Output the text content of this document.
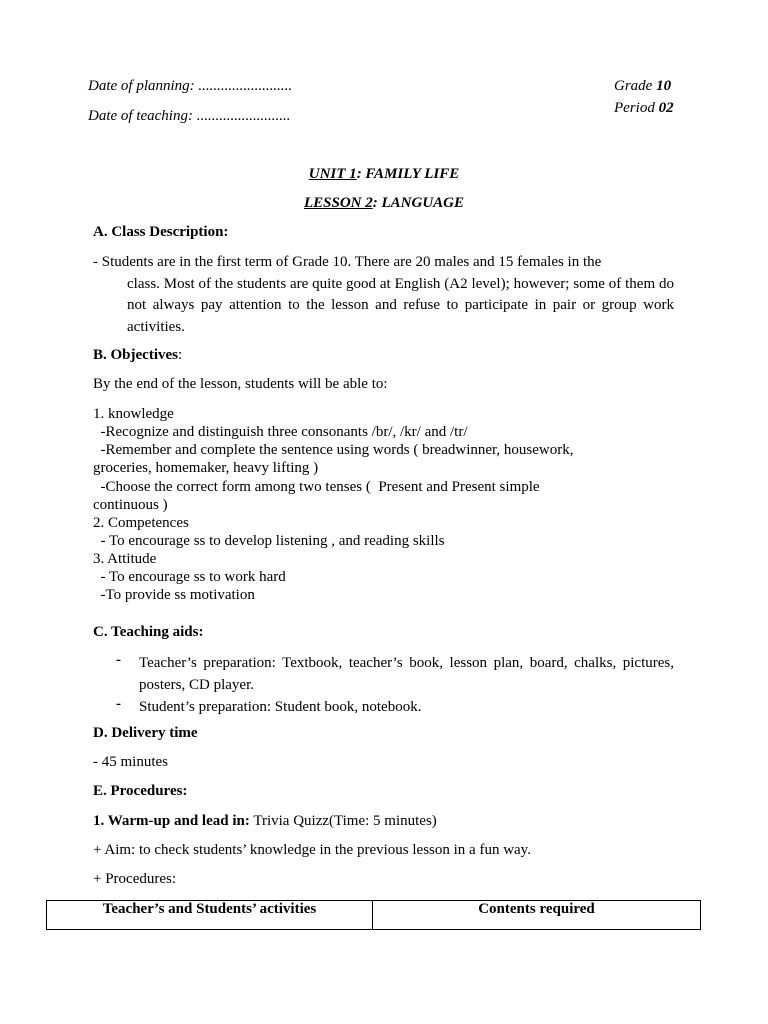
Date of planning: .........................
Date of teaching: .........................
Grade 10
Period 02
UNIT 1: FAMILY LIFE
LESSON 2: LANGUAGE
A. Class Description:
- Students are in the first term of Grade 10. There are 20 males and 15 females in the
class. Most of the students are quite good at English (A2 level); however; some of them do not always pay attention to the lesson and refuse to participate in pair or group work activities.
B. Objectives:
By the end of the lesson, students will be able to:
1. knowledge
-Recognize and distinguish three consonants /br/, /kr/ and /tr/
-Remember and complete the sentence using words ( breadwinner, housework,
groceries, homemaker, heavy lifting )
-Choose the correct form among two tenses (  Present and Present simple
continuous )
2. Competences
- To encourage ss to develop listening , and reading skills
3. Attitude
- To encourage ss to work hard
-To provide ss motivation
C. Teaching aids:
- Teacher’s preparation: Textbook, teacher’s book, lesson plan, board, chalks, pictures, posters, CD player.
- Student’s preparation: Student book, notebook.
D. Delivery time
- 45 minutes
E. Procedures:
1. Warm-up and lead in: Trivia Quizz(Time: 5 minutes)
+ Aim: to check students’ knowledge in the previous lesson in a fun way.
+ Procedures:
Teacher’s and Students’ activities	Contents required
